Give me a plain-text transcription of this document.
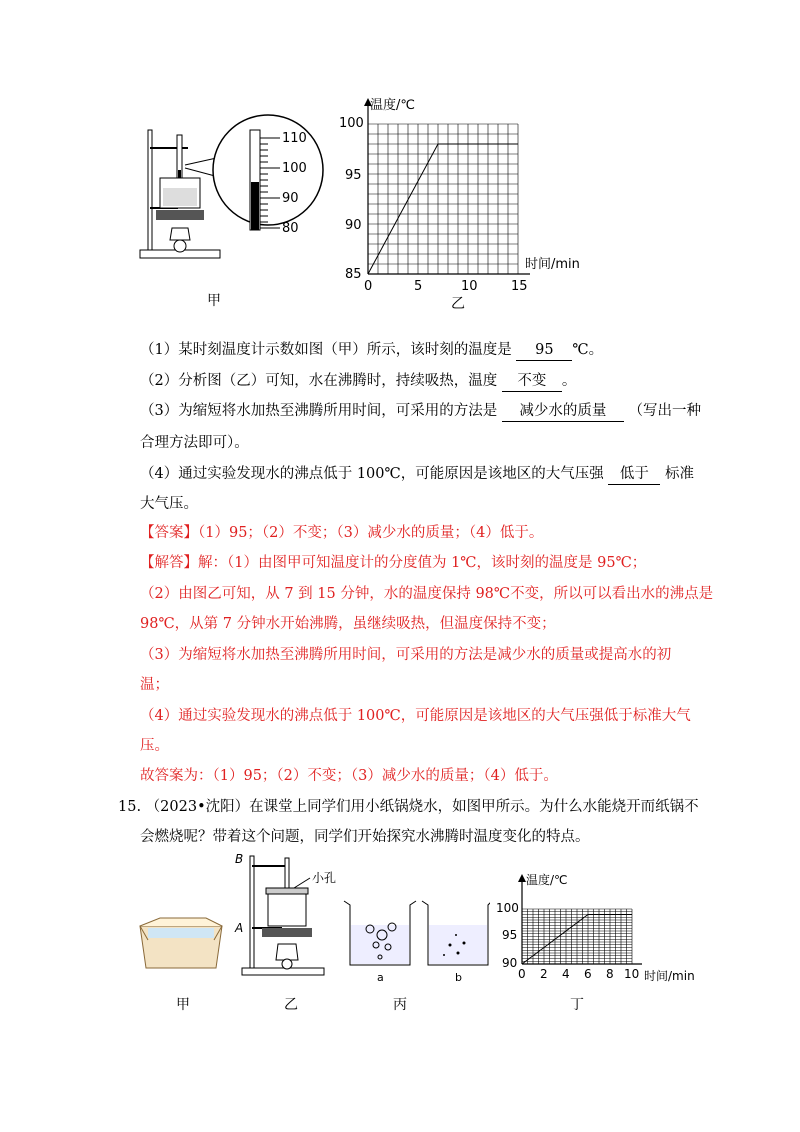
110
100
90
80
甲
温度/℃
时间/min
100
95
90
85
0	5	10	15
乙
（1）某时刻温度计示数如图（甲）所示，该时刻的温度是 95 ℃。
（2）分析图（乙）可知，水在沸腾时，持续吸热，温度 不变 。
（3）为缩短将水加热至沸腾所用时间，可采用的方法是 减少水的质量 （写出一种
合理方法即可）。
（4）通过实验发现水的沸点低于 100℃，可能原因是该地区的大气压强 低于 标准
大气压。
【答案】（1）95；（2）不变；（3）减少水的质量；（4）低于。
【解答】解：（1）由图甲可知温度计的分度值为 1℃，该时刻的温度是 95℃；
（2）由图乙可知，从 7 到 15 分钟，水的温度保持 98℃不变，所以可以看出水的沸点是
98℃，从第 7 分钟水开始沸腾，虽继续吸热，但温度保持不变；
（3）为缩短将水加热至沸腾所用时间，可采用的方法是减少水的质量或提高水的初
温；
（4）通过实验发现水的沸点低于 100℃，可能原因是该地区的大气压强低于标准大气
压。
故答案为：（1）95；（2）不变；（3）减少水的质量；（4）低于。
15. （2023•沈阳）在课堂上同学们用小纸锅烧水，如图甲所示。为什么水能烧开而纸锅不
会燃烧呢？带着这个问题，同学们开始探究水沸腾时温度变化的特点。
甲
B
A
小孔
乙
a	b
丙
温度/℃
时间/min
100
95
90
0 2 4 6 8 10
丁
